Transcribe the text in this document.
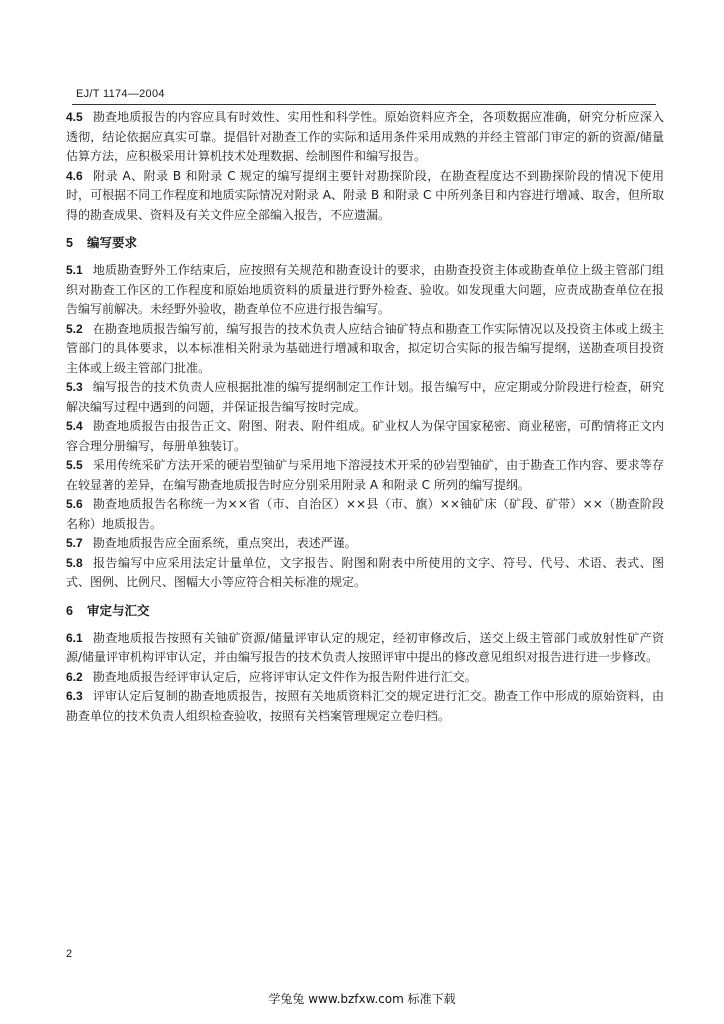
EJ/T 1174—2004

4.5 勘查地质报告的内容应具有时效性、实用性和科学性。原始资料应齐全，各项数据应准确，研究分析应深入透彻，结论依据应真实可靠。提倡针对勘查工作的实际和适用条件采用成熟的并经主管部门审定的新的资源/储量估算方法，应积极采用计算机技术处理数据、绘制图件和编写报告。

4.6 附录 A、附录 B 和附录 C 规定的编写提纲主要针对勘探阶段，在勘查程度达不到勘探阶段的情况下使用时，可根据不同工作程度和地质实际情况对附录 A、附录 B 和附录 C 中所列条目和内容进行增减、取舍，但所取得的勘查成果、资料及有关文件应全部编入报告，不应遗漏。

5 编写要求

5.1 地质勘查野外工作结束后，应按照有关规范和勘查设计的要求，由勘查投资主体或勘查单位上级主管部门组织对勘查工作区的工作程度和原始地质资料的质量进行野外检查、验收。如发现重大问题，应责成勘查单位在报告编写前解决。未经野外验收，勘查单位不应进行报告编写。

5.2 在勘查地质报告编写前，编写报告的技术负责人应结合铀矿特点和勘查工作实际情况以及投资主体或上级主管部门的具体要求，以本标准相关附录为基础进行增减和取舍，拟定切合实际的报告编写提纲，送勘查项目投资主体或上级主管部门批准。

5.3 编写报告的技术负责人应根据批准的编写提纲制定工作计划。报告编写中，应定期或分阶段进行检查，研究解决编写过程中遇到的问题，并保证报告编写按时完成。

5.4 勘查地质报告由报告正文、附图、附表、附件组成。矿业权人为保守国家秘密、商业秘密，可酌情将正文内容合理分册编写，每册单独装订。

5.5 采用传统采矿方法开采的硬岩型铀矿与采用地下溶浸技术开采的砂岩型铀矿，由于勘查工作内容、要求等存在较显著的差异，在编写勘查地质报告时应分别采用附录 A 和附录 C 所列的编写提纲。

5.6 勘查地质报告名称统一为××省（市、自治区）××县（市、旗）××铀矿床（矿段、矿带）××（勘查阶段名称）地质报告。

5.7 勘查地质报告应全面系统，重点突出，表述严谨。

5.8 报告编写中应采用法定计量单位，文字报告、附图和附表中所使用的文字、符号、代号、术语、表式、图式、图例、比例尺、图幅大小等应符合相关标准的规定。

6 审定与汇交

6.1 勘查地质报告按照有关铀矿资源/储量评审认定的规定，经初审修改后，送交上级主管部门或放射性矿产资源/储量评审机构评审认定，并由编写报告的技术负责人按照评审中提出的修改意见组织对报告进行进一步修改。

6.2 勘查地质报告经评审认定后，应将评审认定文件作为报告附件进行汇交。

6.3 评审认定后复制的勘查地质报告，按照有关地质资料汇交的规定进行汇交。勘查工作中形成的原始资料，由勘查单位的技术负责人组织检查验收，按照有关档案管理规定立卷归档。

2
学兔兔 www.bzfxw.com 标准下载
